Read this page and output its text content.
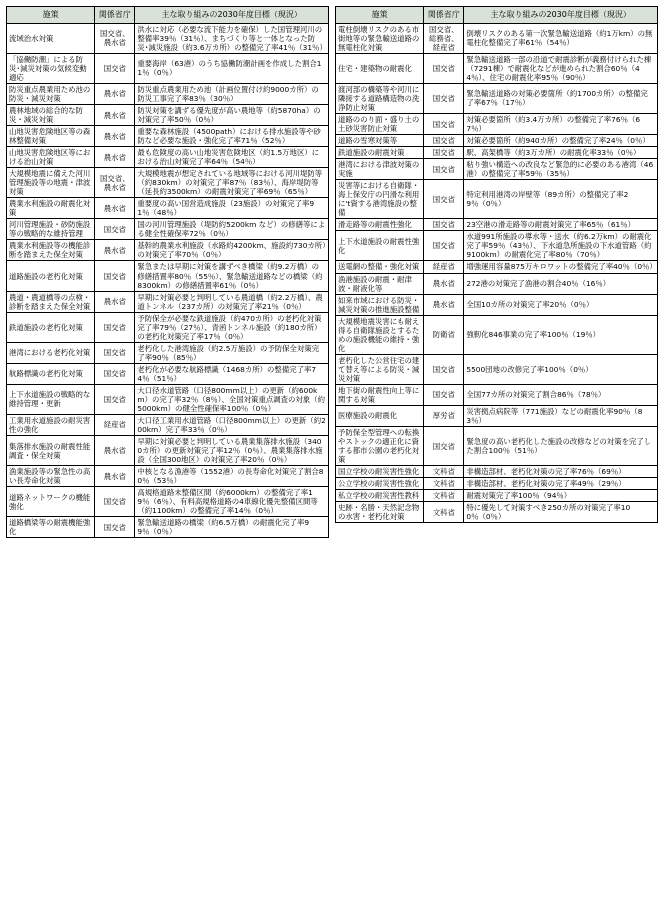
施策	関係省庁	主な取り組みの2030年度目標（現況）
流域治水対策	国交省、農水省	洪水に対応（必要な流下能力を確保）した国管理河川の整備率39％（31％）、まちづくり等と一体となった防災･減災施設（約3.6万カ所）の整備完了率41％（31％）
「協働防潮」による防災･減災対策の気候変動適応	国交省	重要海岸（63港）のうち協働防潮計画を作成した割合11％（0％）
防災重点農業用ため池の防災・減災対策	農水省	防災重点農業用ため池（計画位置付け約9000カ所）の防災工事完了率83％（30％）
農林地域の総合的な防災・減災対策	農水省	防災対策を講ずる優先度が高い農地等（約5870ha）の対策完了率50％（0％）
山地災害危険地区等の森林整備対策	農水省	重要な森林施設（4500path）における排水施設等や砂防など必要な施設・強化完了率71％（52％）
山地災害危険地区等における治山対策	農水省	最も危険度の高い山地災害危険地区（約1.5万地区）における治山対策完了率64％（54％）
大規模地震に備えた河川管理施設等の地震・津波対策	国交省、農水省	大規模地震が想定されている地域等における河川堤防等（約830km）の対策完了率87％（83％）、海岸堤防等（延長約3500km）の耐震対策完了率69％（65％）
農業水利施設の耐震化対策	農水省	重要度の高い国営造成施設（23施設）の対策完了率91％（48％）
河川管理施設・砂防施設等の戦略的な維持管理	国交省	国の河川管理施設（堤防約5200km など）の修繕等による健全性確保率72％（0％）
農業水利施設等の機能診断を踏まえた保全対策	農水省	基幹的農業水利施設（水路約4200km、施設約730カ所）の対策完了率70％（0％）
道路施設の老朽化対策	国交省	緊急または早期に対策を講ずべき橋梁（約9.2万橋）の修繕措置率80％（55％）、緊急輸送道路などの橋梁（約8300km）の修繕措置率61％（0％）
農道・農道橋等の点検・診断を踏まえた保全対策	農水省	早期に対策必要と判明している農道橋（約2.2万橋）、農道トンネル（237カ所）の対策完了率21％（0％）
鉄道施設の老朽化対策	国交省	予防保全が必要な鉄道施設（約470カ所）の老朽化対策完了率79％（27％）、青函トンネル施設（約180カ所）の老朽化対策完了率17％（0％）
港湾における老朽化対策	国交省	老朽化した港湾施設（約2.5万施設）の予防保全対策完了率90％（85％）
航路標識の老朽化対策	国交省	老朽化が必要な航路標識（1468カ所）の整備完了率74％（51％）
上下水道施設の戦略的な維持管理・更新	国交省	大口径水道管路（口径800mm以上）の更新（約600km）の完了率32％（8％）、全国対策重点調査の対象（約5000km）の健全性確保率100％（0％）
工業用水道施設の耐災害性の強化	経産省	大口径工業用水道管路（口径800mm以上）の更新（約200km）完了率33％（0％）
集落排水施設の耐震性能調査・保全対策	農水省	早期に対策必要と判明している農業集落排水施設（3400カ所）の更新対策完了率12％（0％）、農業集落排水施設（全国300地区）の対策完了率20％（0％）
漁業施設等の緊急性の高い長寿命化対策	農水省	中核となる漁港等（1552港）の長寿命化対策完了割合80％（53％）
道路ネットワークの機能強化	国交省	高規格道路未整備区間（約6000km）の整備完了率19％（6％）、有料高規格道路の4車線化優先整備区間等（約1100km）の整備完了率14％（0％）
道路橋梁等の耐震機能強化	国交省	緊急輸送道路の橋梁（約6.5万橋）の耐震化完了率99％（0％）
施策	関係省庁	主な取り組みの2030年度目標（現況）
電柱倒壊リスクのある市街地等の緊急輸送道路の無電柱化対策	国交省、総務省、経産省	倒壊リスクのある第一次緊急輸送道路（約1万km）の無電柱化整備完了率61％（54％）
住宅・建築物の耐震化	国交省	緊急輸送道路一部の沿道で耐震診断が義務付けられた棟（7291棟）で耐震化などが進められた割合60％（44％）、住宅の耐震化率95％（90％）
渡河部の構築等や河川に隣接する道路構造物の洗浄防止対策	国交省	緊急輸送道路の対策必要箇所（約1700カ所）の整備完了率67％（17％）
道路ののり面・盛り土の土砂災害防止対策	国交省	対策必要箇所（約3.4万カ所）の整備完了率76％（67％）
道路の雪寒対策等	国交省	対策必要箇所（約940カ所）の整備完了率24％（0％）
鉄道施設の耐震対策	国交省	駅、高架橋等（約3万カ所）の耐震化率33％（0％）
港湾における津波対策の実施	国交省	粘り強い構造への改良など緊急的に必要のある港湾（46港）の整備完了率59％（35％）
災害等における自衛隊・海上保安庁の円滑な利用に't資する港湾施設の整備	国交省	特定利用港湾の岸壁等（89カ所）の整備完了率29％（0％）
滑走路等の耐震性強化	国交省	23空港の滑走路等の耐震対策完了率65％（61％）
上下水道施設の耐震性強化	国交省	水道991所施設の導水等・送水（約6.2万km）の耐震化完了率59％（43％）、下水道急所施設の下水道管路（約9100km）の耐震化完了率80％（70％）
送電網の整備・強化対策	経産省	増強運用容量875万キロワットの整備完了率40％（0％）
漁港施設の耐震・耐津波・耐液化等	農水省	272港の対策完了漁港の割合40％（16％）
如来市域における防災・減災対策の推進施設整備	農水省	全国10カ所の対策完了率20％（0％）
大規模地震災害にも耐え得る自衛隊施設とするための施設機能の維持・強化	防衛省	強靭化846事業の完了率100％（19％）
老朽化した公営住宅の建て替え等による防災・減災対策	国交省	5500団地の改修完了率100％（0％）
地下街の耐震性向上等に関する対策	国交省	全国77カ所の対策完了割合86％（78％）
医療施設の耐震化	厚労省	災害拠点病院等（771施設）などの耐震化率90％（83％）
予防保全型管理への転換やストックの適正化に資する都市公園の老朽化対策	国交省	緊急度の高い老朽化した施設の改修などの対策を完了した割合100％（51％）
国立学校の耐災害性強化	文科省	非構造部材、老朽化対策の完了率76％（69％）
公立学校の耐災害性強化	文科省	非構造部材、老朽化対策の完了率49％（29％）
私立学校の耐災害性教科	文科省	耐震対策完了率100％（94％）
史跡・名勝・天然記念物の水害・老朽化対策	文科省	特に優先して対策すべき250カ所の対策完了率100％（0％）
